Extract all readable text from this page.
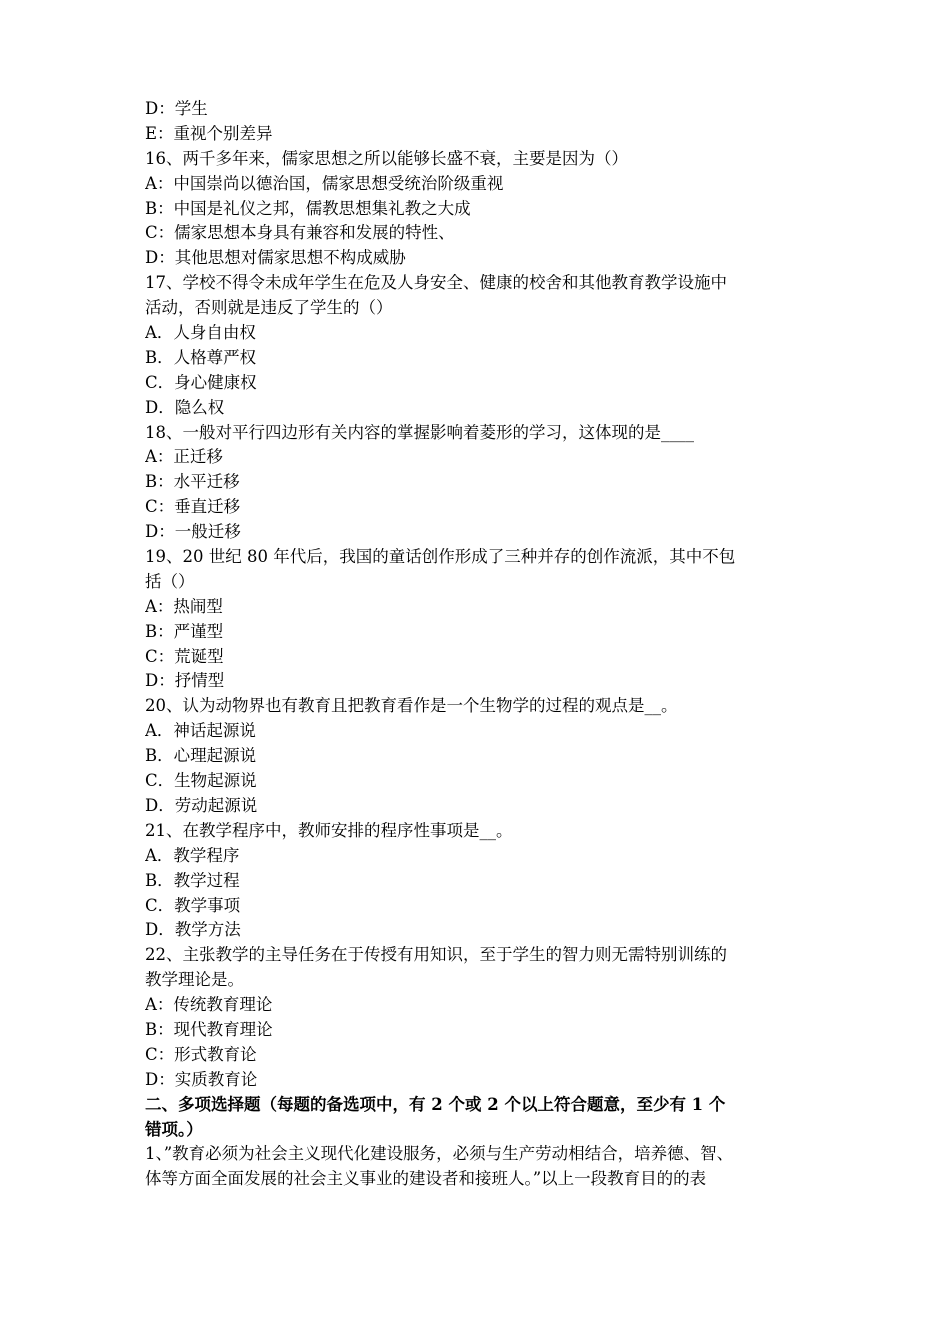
D：学生
E：重视个别差异
16、两千多年来，儒家思想之所以能够长盛不衰，主要是因为（）
A：中国崇尚以德治国，儒家思想受统治阶级重视
B：中国是礼仪之邦，儒教思想集礼教之大成
C：儒家思想本身具有兼容和发展的特性、
D：其他思想对儒家思想不构成威胁
17、学校不得令未成年学生在危及人身安全、健康的校舍和其他教育教学设施中
活动，否则就是违反了学生的（）
A．人身自由权
B．人格尊严权
C．身心健康权
D．隐么权
18、一般对平行四边形有关内容的掌握影响着菱形的学习，这体现的是____
A：正迁移
B：水平迁移
C：垂直迁移
D：一般迁移
19、20 世纪 80 年代后，我国的童话创作形成了三种并存的创作流派，其中不包
括（）
A：热闹型
B：严谨型
C：荒诞型
D：抒情型
20、认为动物界也有教育且把教育看作是一个生物学的过程的观点是__。
A．神话起源说
B．心理起源说
C．生物起源说
D．劳动起源说
21、在教学程序中，教师安排的程序性事项是__。
A．教学程序
B．教学过程
C．教学事项
D．教学方法
22、主张教学的主导任务在于传授有用知识，至于学生的智力则无需特别训练的
教学理论是。
A：传统教育理论
B：现代教育理论
C：形式教育论
D：实质教育论
二、多项选择题（每题的备选项中，有 2 个或 2 个以上符合题意，至少有 1 个
错项。）
1、”教育必须为社会主义现代化建设服务，必须与生产劳动相结合，培养德、智、
体等方面全面发展的社会主义事业的建设者和接班人。”以上一段教育目的的表
